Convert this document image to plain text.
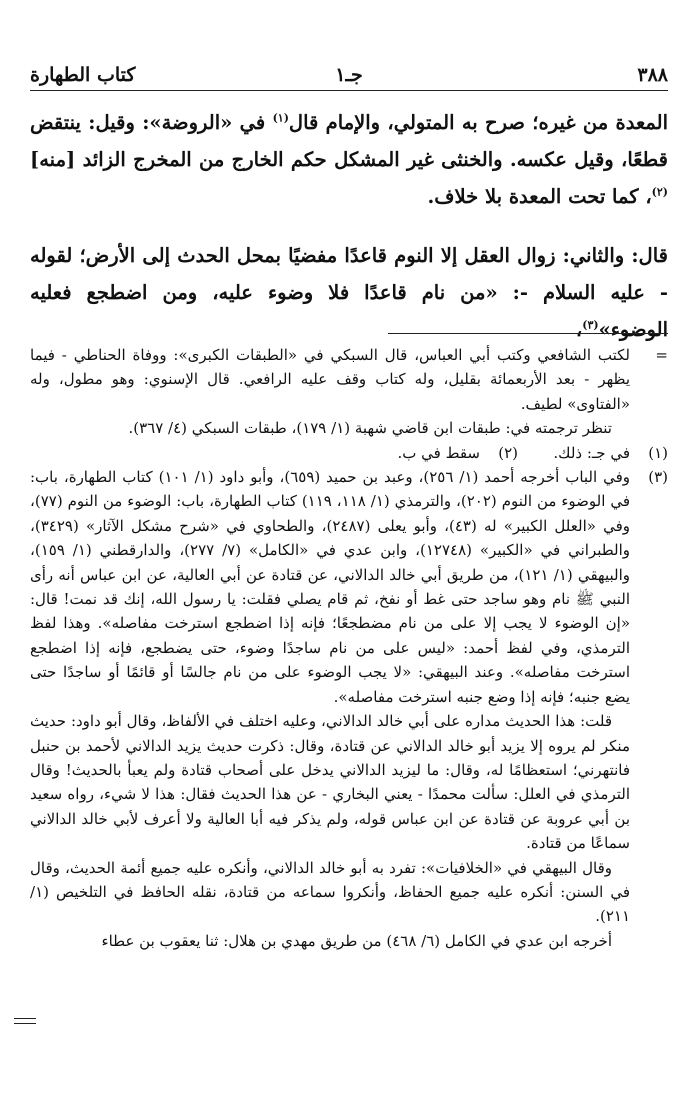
٣٨٨
جـ١
كتاب الطهارة

المعدة من غيره؛ صرح به المتولي، والإمام قال$^{(١)}$ في «الروضة»: وقيل: ينتقض قطعًا، وقيل عكسه. والخنثى غير المشكل حكم الخارج من المخرج الزائد [منه]$^{(٢)}$، كما تحت المعدة بلا خلاف.

قال: والثاني: زوال العقل إلا النوم قاعدًا مفضيًا بمحل الحدث إلى الأرض؛ لقوله - عليه السلام -: «من نام قاعدًا فلا وضوء عليه، ومن اضطجع فعليه الوضوء»$^{(٣)}$،

=

لكتب الشافعي وكتب أبي العباس، قال السبكي في «الطبقات الكبرى»: ووفاة الحناطي - فيما يظهر - بعد الأربعمائة بقليل، وله كتاب وقف عليه الرافعي. قال الإسنوي: وهو مطول، وله «الفتاوى» لطيف.

تنظر ترجمته في: طبقات ابن قاضي شهبة (١/ ١٧٩)، طبقات السبكي (٤/ ٣٦٧).

(١)
في جـ: ذلك.
(٢)
سقط في ب.
(٣)

وفي الباب أخرجه أحمد (١/ ٢٥٦)، وعبد بن حميد (٦٥٩)، وأبو داود (١/ ١٠١) كتاب الطهارة، باب: في الوضوء من النوم (٢٠٢)، والترمذي (١/ ١١٨، ١١٩) كتاب الطهارة، باب: الوضوء من النوم (٧٧)، وفي «العلل الكبير» له (٤٣)، وأبو يعلى (٢٤٨٧)، والطحاوي في «شرح مشكل الآثار» (٣٤٢٩)، والطبراني في «الكبير» (١٢٧٤٨)، وابن عدي في «الكامل» (٧/ ٢٧٧)، والدارقطني (١/ ١٥٩)، والبيهقي (١/ ١٢١)، من طريق أبي خالد الدالاني، عن قتادة عن أبي العالية، عن ابن عباس أنه رأى النبي ﷺ نام وهو ساجد حتى غط أو نفخ، ثم قام يصلي فقلت: يا رسول الله، إنك قد نمت! قال: «إن الوضوء لا يجب إلا على من نام مضطجعًا؛ فإنه إذا اضطجع استرخت مفاصله». وهذا لفظ الترمذي، وفي لفظ أحمد: «ليس على من نام ساجدًا وضوء، حتى يضطجع، فإنه إذا اضطجع استرخت مفاصله». وعند البيهقي: «لا يجب الوضوء على من نام جالسًا أو قائمًا أو ساجدًا حتى يضع جنبه؛ فإنه إذا وضع جنبه استرخت مفاصله».

قلت: هذا الحديث مداره على أبي خالد الدالاني، وعليه اختلف في الألفاظ، وقال أبو داود: حديث منكر لم يروه إلا يزيد أبو خالد الدالاني عن قتادة، وقال: ذكرت حديث يزيد الدالاني لأحمد بن حنبل فانتهرني؛ استعظامًا له، وقال: ما ليزيد الدالاني يدخل على أصحاب قتادة ولم يعبأ بالحديث! وقال الترمذي في العلل: سألت محمدًا - يعني البخاري - عن هذا الحديث فقال: هذا لا شيء، رواه سعيد بن أبي عروبة عن قتادة عن ابن عباس قوله، ولم يذكر فيه أبا العالية ولا أعرف لأبي خالد الدالاني سماعًا من قتادة.

وقال البيهقي في «الخلافيات»: تفرد به أبو خالد الدالاني، وأنكره عليه جميع أئمة الحديث، وقال في السنن: أنكره عليه جميع الحفاظ، وأنكروا سماعه من قتادة، نقله الحافظ في التلخيص (١/ ٢١١).

أخرجه ابن عدي في الكامل (٦/ ٤٦٨) من طريق مهدي بن هلال: ثنا يعقوب بن عطاء
